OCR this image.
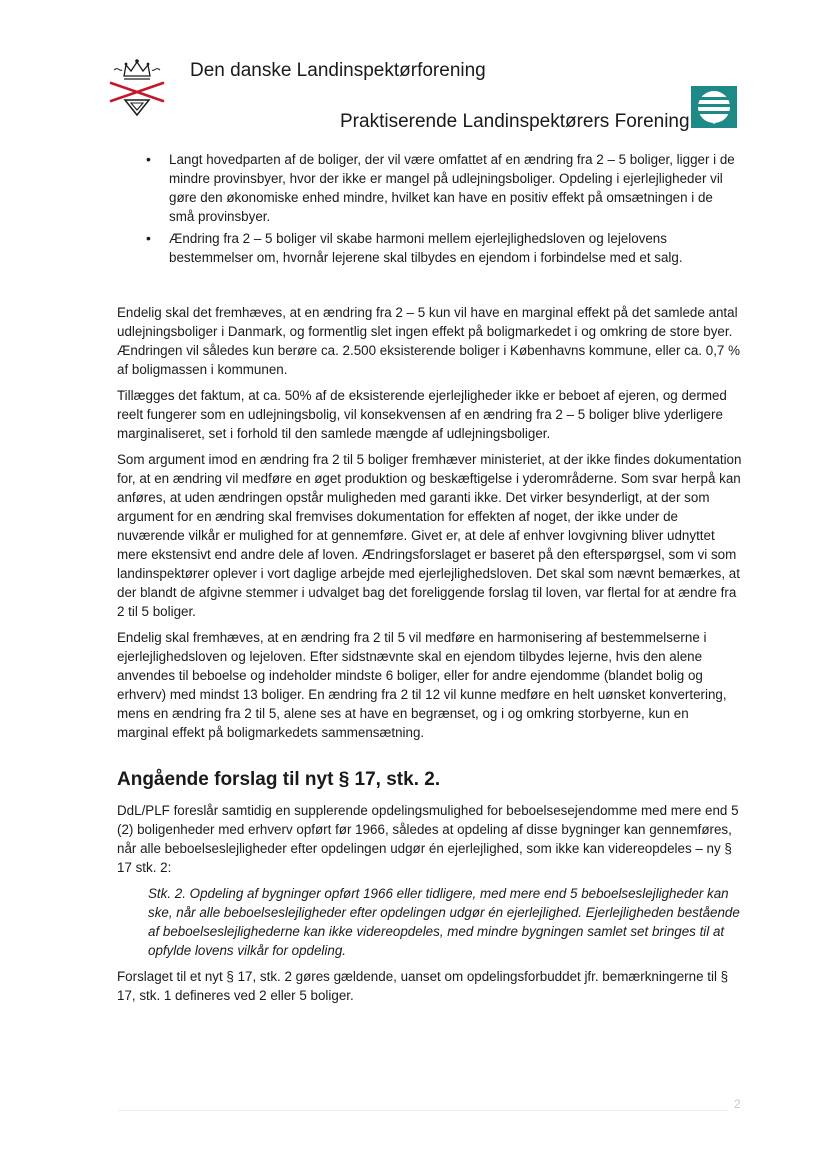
Den danske Landinspektørforening
Praktiserende Landinspektørers Forening
• Langt hovedparten af de boliger, der vil være omfattet af en ændring fra 2 – 5 boliger, ligger i de mindre provinsbyer, hvor der ikke er mangel på udlejningsboliger. Opdeling i ejerlejligheder vil gøre den økonomiske enhed mindre, hvilket kan have en positiv effekt på omsætningen i de små provinsbyer.
• Ændring fra 2 – 5 boliger vil skabe harmoni mellem ejerlejlighedsloven og lejelovens bestemmelser om, hvornår lejerene skal tilbydes en ejendom i forbindelse med et salg.

Endelig skal det fremhæves, at en ændring fra 2 – 5 kun vil have en marginal effekt på det samlede antal udlejningsboliger i Danmark, og formentlig slet ingen effekt på boligmarkedet i og omkring de store byer. Ændringen vil således kun berøre ca. 2.500 eksisterende boliger i Københavns kommune, eller ca. 0,7 % af boligmassen i kommunen.

Tillægges det faktum, at ca. 50% af de eksisterende ejerlejligheder ikke er beboet af ejeren, og dermed reelt fungerer som en udlejningsbolig, vil konsekvensen af en ændring fra 2 – 5 boliger blive yderligere marginaliseret, set i forhold til den samlede mængde af udlejningsboliger.

Som argument imod en ændring fra 2 til 5 boliger fremhæver ministeriet, at der ikke findes dokumentation for, at en ændring vil medføre en øget produktion og beskæftigelse i yderområderne. Som svar herpå kan anføres, at uden ændringen opstår muligheden med garanti ikke. Det virker besynderligt, at der som argument for en ændring skal fremvises dokumentation for effekten af noget, der ikke under de nuværende vilkår er mulighed for at gennemføre. Givet er, at dele af enhver lovgivning bliver udnyttet mere ekstensivt end andre dele af loven. Ændringsforslaget er baseret på den efterspørgsel, som vi som landinspektører oplever i vort daglige arbejde med ejerlejlighedsloven. Det skal som nævnt bemærkes, at der blandt de afgivne stemmer i udvalget bag det foreliggende forslag til loven, var flertal for at ændre fra 2 til 5 boliger.

Endelig skal fremhæves, at en ændring fra 2 til 5 vil medføre en harmonisering af bestemmelserne i ejerlejlighedsloven og lejeloven. Efter sidstnævnte skal en ejendom tilbydes lejerne, hvis den alene anvendes til beboelse og indeholder mindste 6 boliger, eller for andre ejendomme (blandet bolig og erhverv) med mindst 13 boliger. En ændring fra 2 til 12 vil kunne medføre en helt uønsket konvertering, mens en ændring fra 2 til 5, alene ses at have en begrænset, og i og omkring storbyerne, kun en marginal effekt på boligmarkedets sammensætning.

Angående forslag til nyt § 17, stk. 2.

DdL/PLF foreslår samtidig en supplerende opdelingsmulighed for beboelsesejendomme med mere end 5 (2) boligenheder med erhverv opført før 1966, således at opdeling af disse bygninger kan gennemføres, når alle beboelseslejligheder efter opdelingen udgør én ejerlejlighed, som ikke kan videreopdeles – ny § 17 stk. 2:

Stk. 2. Opdeling af bygninger opført 1966 eller tidligere, med mere end 5 beboelseslejligheder kan ske, når alle beboelseslejligheder efter opdelingen udgør én ejerlejlighed. Ejerlejligheden bestående af beboelseslejlighederne kan ikke videreopdeles, med mindre bygningen samlet set bringes til at opfylde lovens vilkår for opdeling.

Forslaget til et nyt § 17, stk. 2 gøres gældende, uanset om opdelingsforbuddet jfr. bemærkningerne til § 17, stk. 1 defineres ved 2 eller 5 boliger.

2
